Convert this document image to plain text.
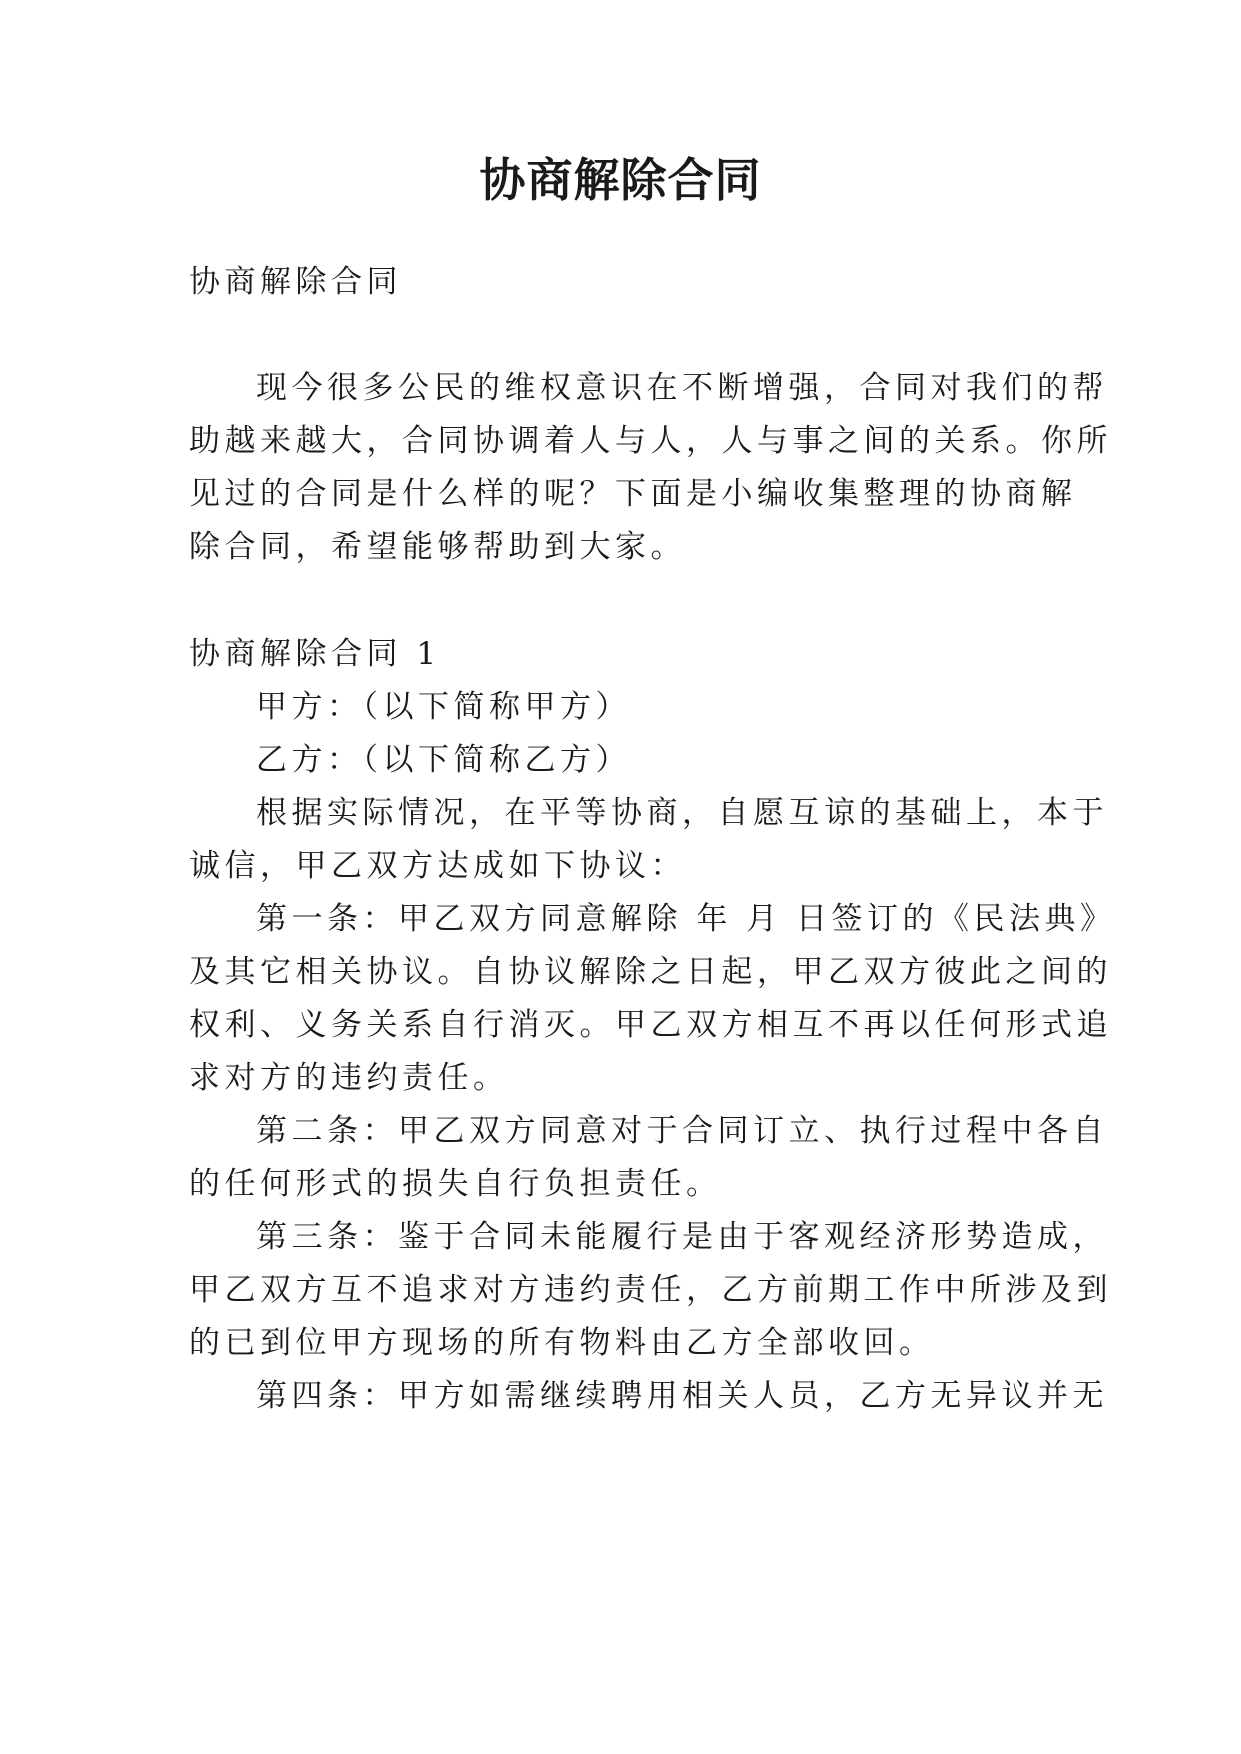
协商解除合同
协商解除合同
现今很多公民的维权意识在不断增强，合同对我们的帮
助越来越大，合同协调着人与人，人与事之间的关系。你所
见过的合同是什么样的呢？下面是小编收集整理的协商解
除合同，希望能够帮助到大家。
协商解除合同 1
甲方：（以下简称甲方）
乙方：（以下简称乙方）
根据实际情况，在平等协商，自愿互谅的基础上，本于
诚信，甲乙双方达成如下协议：
第一条：甲乙双方同意解除 年 月 日签订的《民法典》
及其它相关协议。自协议解除之日起，甲乙双方彼此之间的
权利、义务关系自行消灭。甲乙双方相互不再以任何形式追
求对方的违约责任。
第二条：甲乙双方同意对于合同订立、执行过程中各自
的任何形式的损失自行负担责任。
第三条：鉴于合同未能履行是由于客观经济形势造成，
甲乙双方互不追求对方违约责任，乙方前期工作中所涉及到
的已到位甲方现场的所有物料由乙方全部收回。
第四条：甲方如需继续聘用相关人员，乙方无异议并无
